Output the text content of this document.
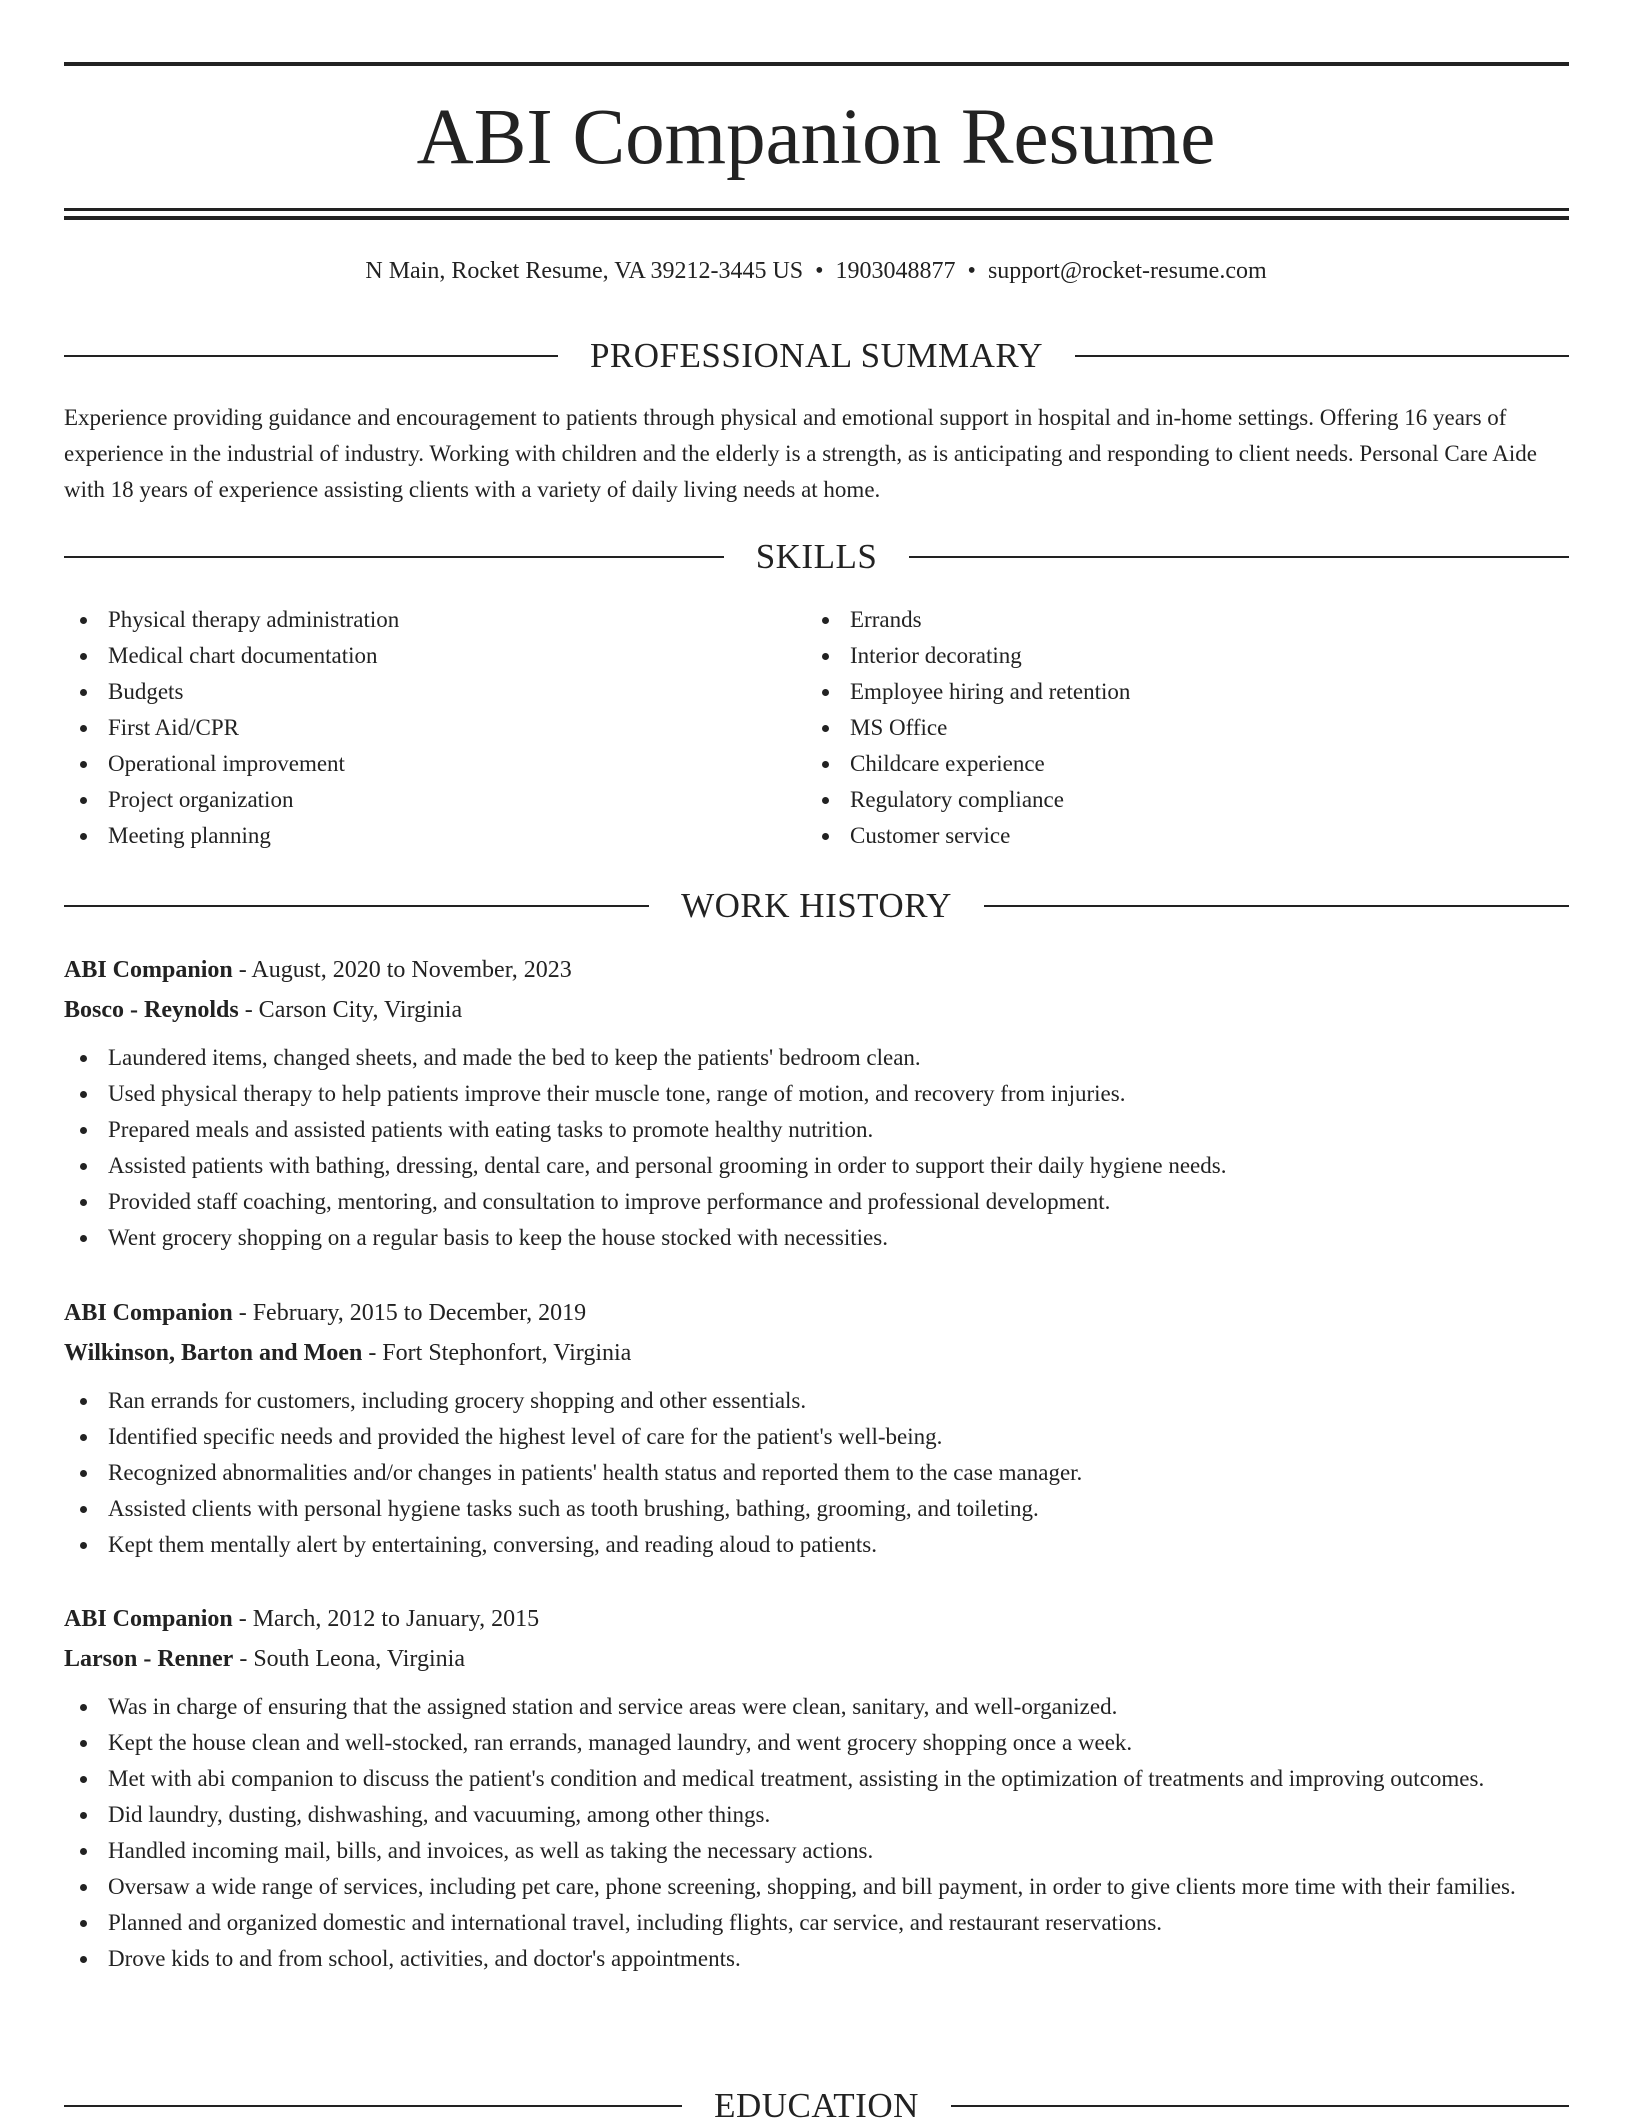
ABI Companion Resume
N Main, Rocket Resume, VA 39212-3445 US • 1903048877 • support@rocket-resume.com
PROFESSIONAL SUMMARY

Experience providing guidance and encouragement to patients through physical and emotional support in hospital and in-home settings. Offering 16 years of experience in the industrial of industry. Working with children and the elderly is a strength, as is anticipating and responding to client needs. Personal Care Aide with 18 years of experience assisting clients with a variety of daily living needs at home.

SKILLS
Physical therapy administration
Medical chart documentation
Budgets
First Aid/CPR
Operational improvement
Project organization
Meeting planning
Errands
Interior decorating
Employee hiring and retention
MS Office
Childcare experience
Regulatory compliance
Customer service
WORK HISTORY
ABI Companion - August, 2020 to November, 2023
Bosco - Reynolds - Carson City, Virginia
Laundered items, changed sheets, and made the bed to keep the patients' bedroom clean.
Used physical therapy to help patients improve their muscle tone, range of motion, and recovery from injuries.
Prepared meals and assisted patients with eating tasks to promote healthy nutrition.
Assisted patients with bathing, dressing, dental care, and personal grooming in order to support their daily hygiene needs.
Provided staff coaching, mentoring, and consultation to improve performance and professional development.
Went grocery shopping on a regular basis to keep the house stocked with necessities.
ABI Companion - February, 2015 to December, 2019
Wilkinson, Barton and Moen - Fort Stephonfort, Virginia
Ran errands for customers, including grocery shopping and other essentials.
Identified specific needs and provided the highest level of care for the patient's well-being.
Recognized abnormalities and/or changes in patients' health status and reported them to the case manager.
Assisted clients with personal hygiene tasks such as tooth brushing, bathing, grooming, and toileting.
Kept them mentally alert by entertaining, conversing, and reading aloud to patients.
ABI Companion - March, 2012 to January, 2015
Larson - Renner - South Leona, Virginia
Was in charge of ensuring that the assigned station and service areas were clean, sanitary, and well-organized.
Kept the house clean and well-stocked, ran errands, managed laundry, and went grocery shopping once a week.
Met with abi companion to discuss the patient's condition and medical treatment, assisting in the optimization of treatments and improving outcomes.
Did laundry, dusting, dishwashing, and vacuuming, among other things.
Handled incoming mail, bills, and invoices, as well as taking the necessary actions.
Oversaw a wide range of services, including pet care, phone screening, shopping, and bill payment, in order to give clients more time with their families.
Planned and organized domestic and international travel, including flights, car service, and restaurant reservations.
Drove kids to and from school, activities, and doctor's appointments.
EDUCATION
